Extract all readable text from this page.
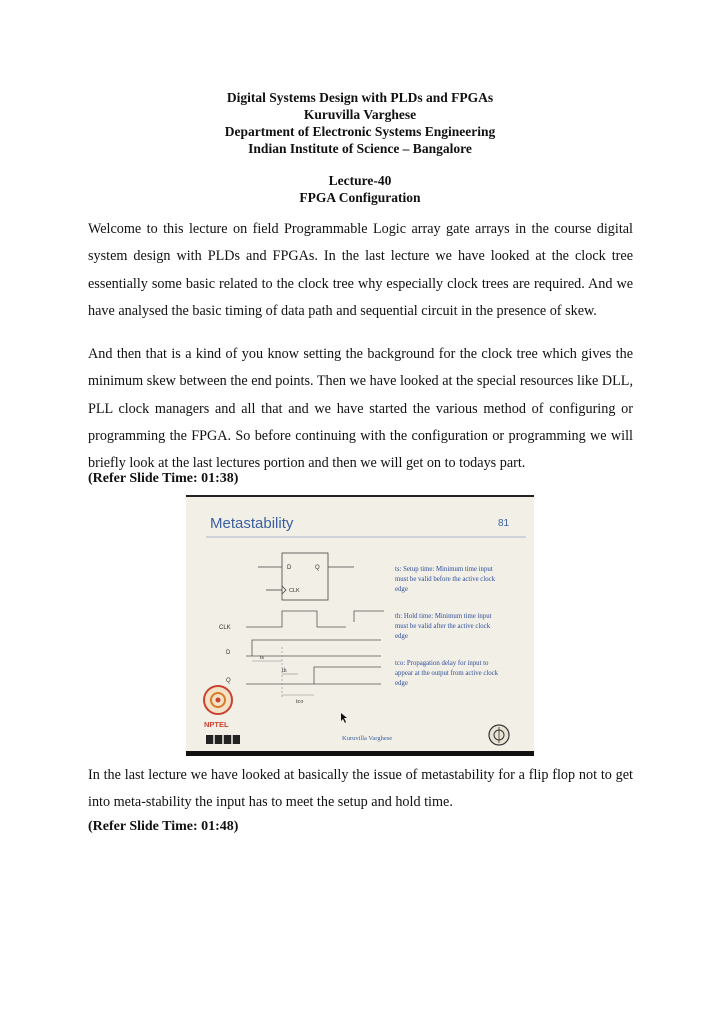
Digital Systems Design with PLDs and FPGAs
Kuruvilla Varghese
Department of Electronic Systems Engineering
Indian Institute of Science – Bangalore
Lecture-40
FPGA Configuration
Welcome to this lecture on field Programmable Logic array gate arrays in the course digital system design with PLDs and FPGAs. In the last lecture we have looked at the clock tree essentially some basic related to the clock tree why especially clock trees are required. And we have analysed the basic timing of data path and sequential circuit in the presence of skew.
And then that is a kind of you know setting the background for the clock tree which gives the minimum skew between the end points. Then we have looked at the special resources like DLL, PLL clock managers and all that and we have started the various method of configuring or programming the FPGA. So before continuing with the configuration or programming we will briefly look at the last lectures portion and then we will get on to todays part.
(Refer Slide Time: 01:38)
Metastability	81
D	Q
CLK
CLK
D
Q
ts
th
tco
ts: Setup time: Minimum time input must be valid before the active clock edge
th: Hold time: Minimum time input must be valid after the active clock edge
tco: Propagation delay for input to appear at the output from active clock edge
NPTEL
Kuruvilla Varghese
In the last lecture we have looked at basically the issue of metastability for a flip flop not to get into meta-stability the input has to meet the setup and hold time.
(Refer Slide Time: 01:48)
